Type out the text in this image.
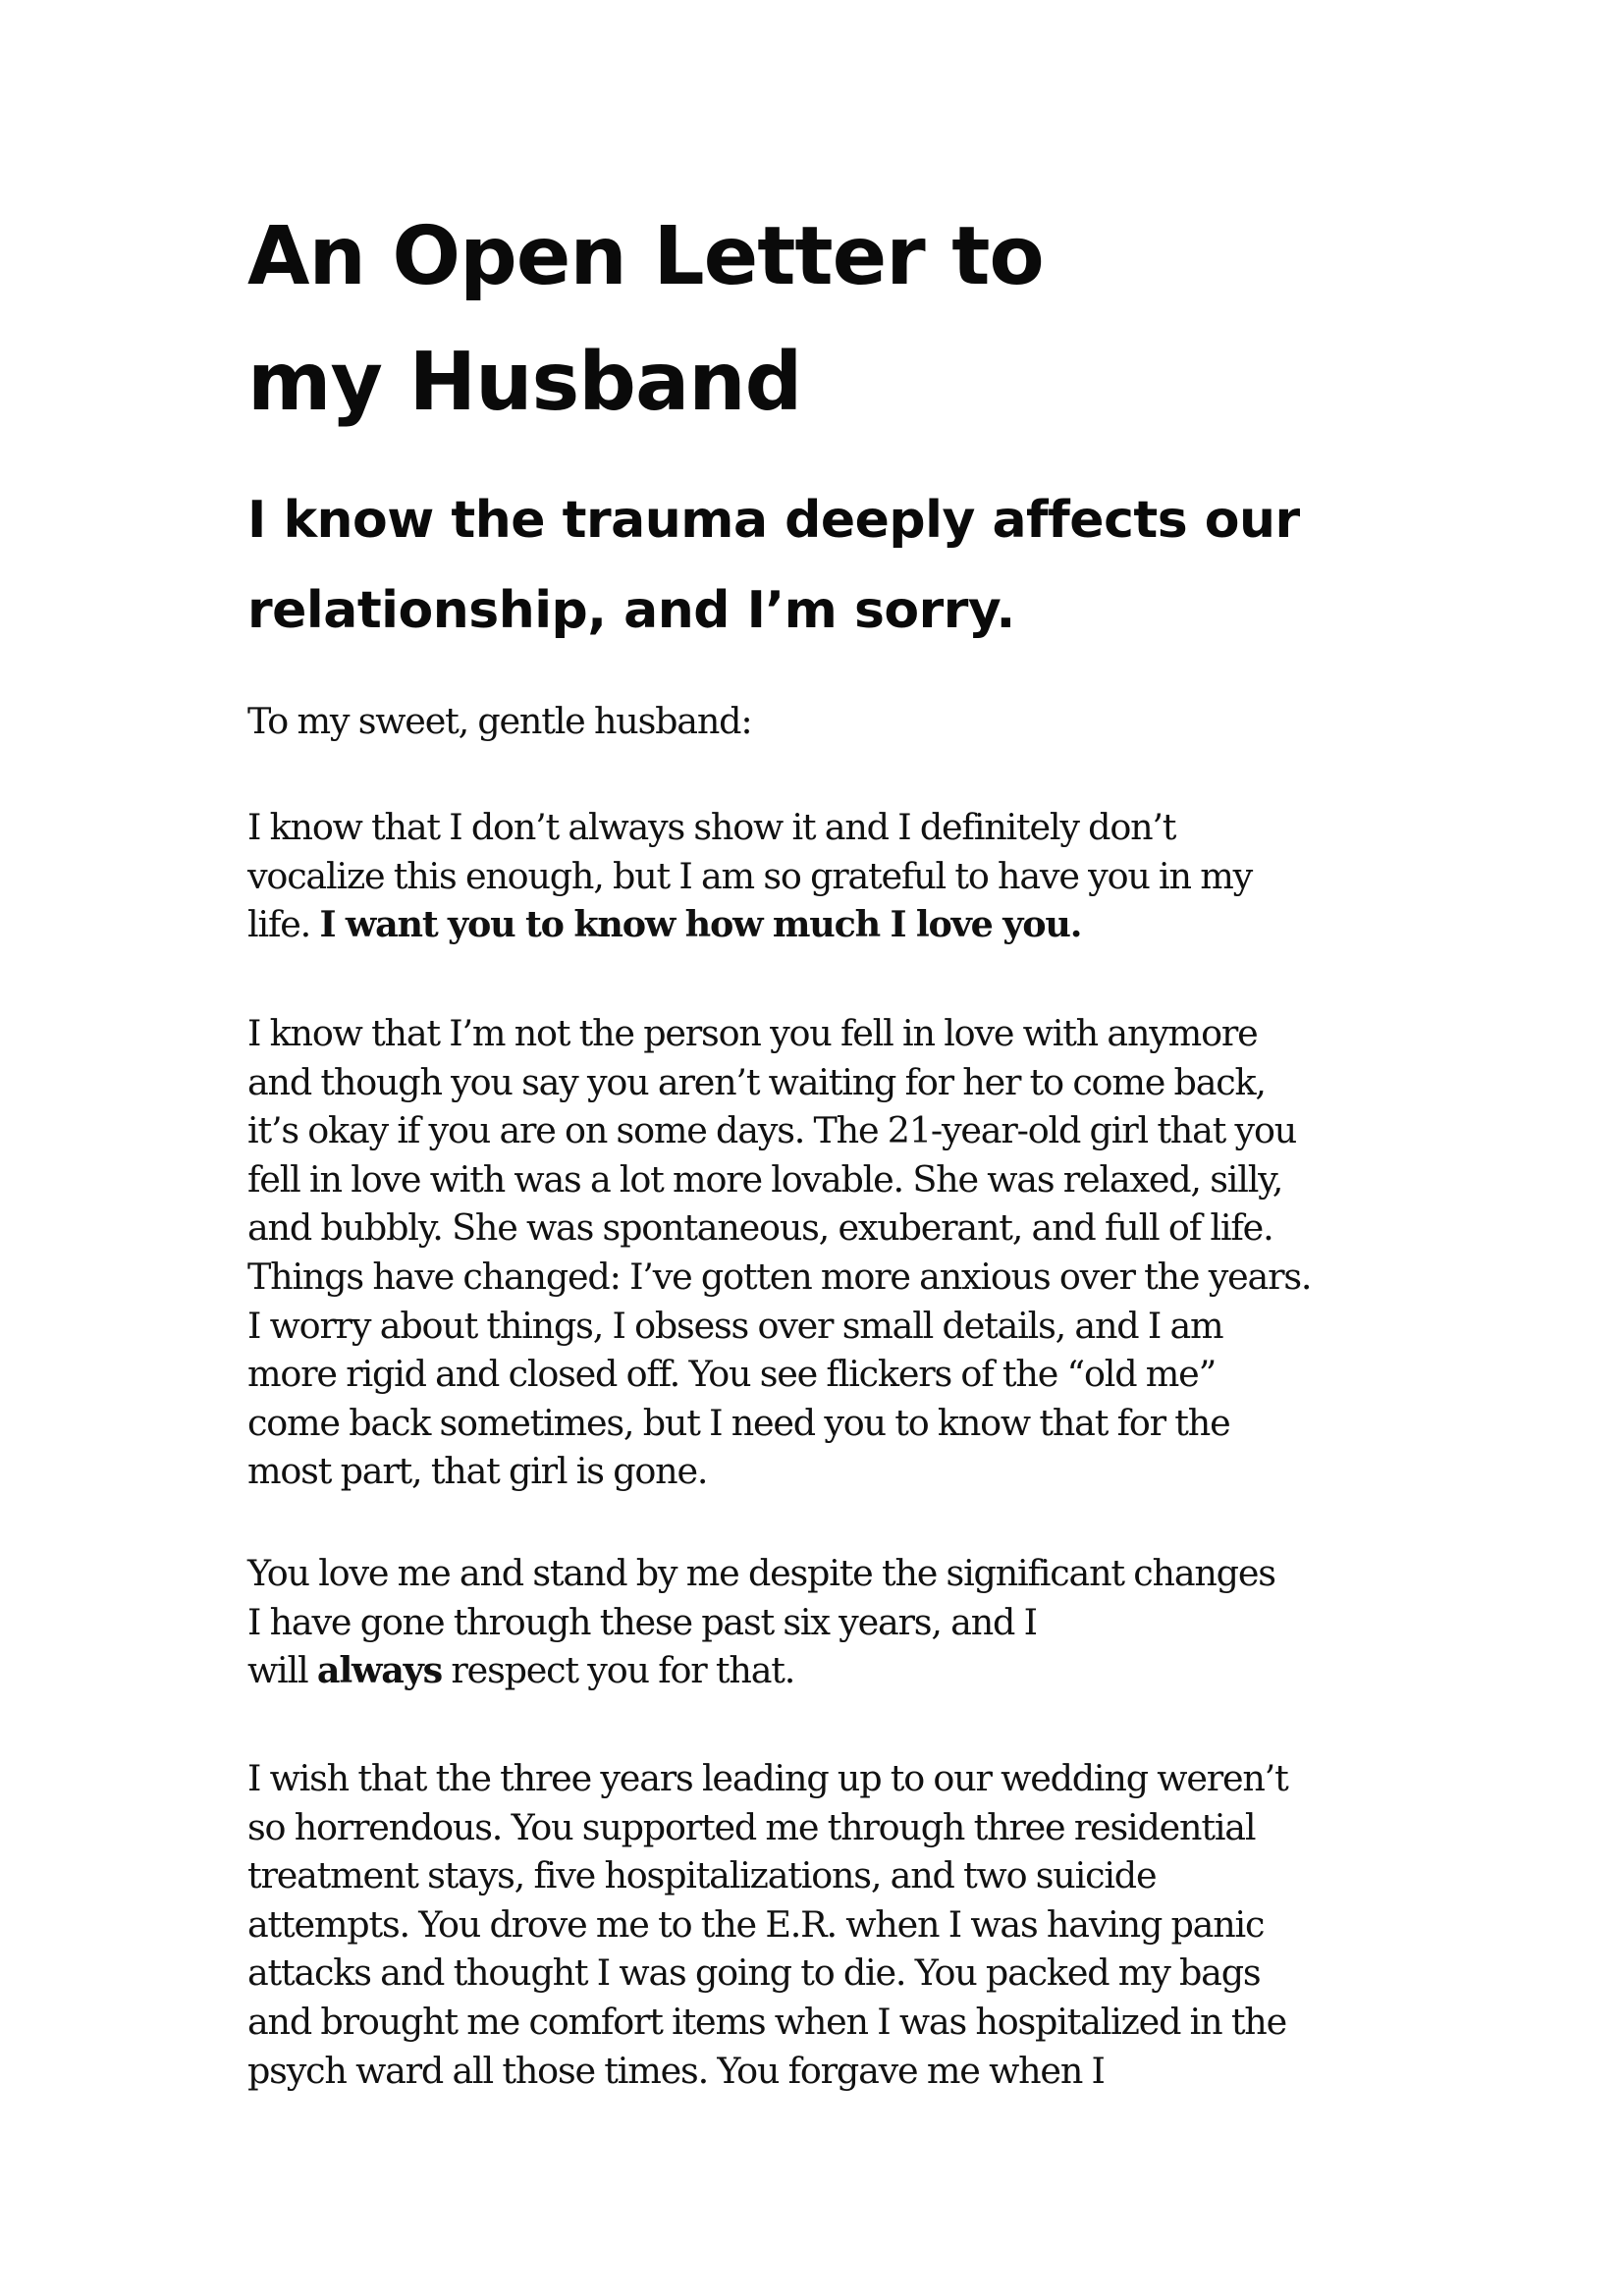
An Open Letter to
my Husband
I know the trauma deeply affects our
relationship, and I’m sorry.

To my sweet, gentle husband:

I know that I don’t always show it and I definitely don’t
vocalize this enough, but I am so grateful to have you in my
life. I want you to know how much I love you.

I know that I’m not the person you fell in love with anymore
and though you say you aren’t waiting for her to come back,
it’s okay if you are on some days. The 21-year-old girl that you
fell in love with was a lot more lovable. She was relaxed, silly,
and bubbly. She was spontaneous, exuberant, and full of life.
Things have changed: I’ve gotten more anxious over the years.
I worry about things, I obsess over small details, and I am
more rigid and closed off. You see flickers of the “old me”
come back sometimes, but I need you to know that for the
most part, that girl is gone.

You love me and stand by me despite the significant changes
I have gone through these past six years, and I
will always respect you for that.

I wish that the three years leading up to our wedding weren’t
so horrendous. You supported me through three residential
treatment stays, five hospitalizations, and two suicide
attempts. You drove me to the E.R. when I was having panic
attacks and thought I was going to die. You packed my bags
and brought me comfort items when I was hospitalized in the
psych ward all those times. You forgave me when I
